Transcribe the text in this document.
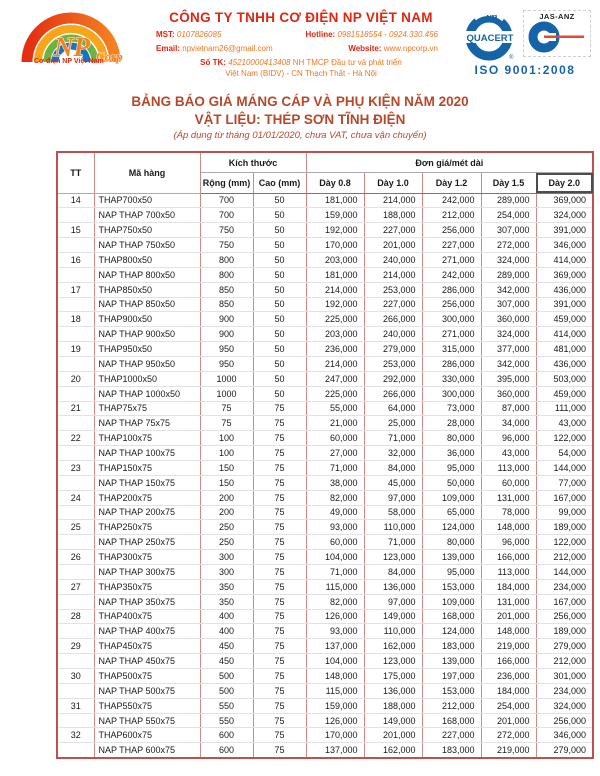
NP Corp
Cơ điện NP Việt Nam
CÔNG TY TNHH CƠ ĐIỆN NP VIỆT NAM
MST: 0107826085	Hotline: 0981518554 - 0924.330.456
Email: npvietnam26@gmail.com	Website: www.npcorp.vn
Số TK: 45210000413408 NH TMCP Đầu tư và phát triển
Việt Nam (BIDV) - CN Thạch Thất - Hà Nội
QUACERT
vn
®
JAS-ANZ
ISO 9001:2008
BẢNG BÁO GIÁ MÁNG CÁP VÀ PHỤ KIỆN NĂM 2020
VẬT LIỆU: THÉP SƠN TĨNH ĐIỆN
(Áp dụng từ tháng 01/01/2020, chưa VAT, chưa vận chuyển)
TT	Mã hàng	Kích thước		Đơn giá/mét dài				
		Rộng (mm)	Cao (mm)	Dày 0.8	Dày 1.0	Dày 1.2	Dày 1.5	Dày 2.0
14	THAP700x50	700	50	181,000	214,000	242,000	289,000	369,000
	NAP THAP 700x50	700	50	159,000	188,000	212,000	254,000	324,000
15	THAP750x50	750	50	192,000	227,000	256,000	307,000	391,000
	NAP THAP 750x50	750	50	170,000	201,000	227,000	272,000	346,000
16	THAP800x50	800	50	203,000	240,000	271,000	324,000	414,000
	NAP THAP 800x50	800	50	181,000	214,000	242,000	289,000	369,000
17	THAP850x50	850	50	214,000	253,000	286,000	342,000	436,000
	NAP THAP 850x50	850	50	192,000	227,000	256,000	307,000	391,000
18	THAP900x50	900	50	225,000	266,000	300,000	360,000	459,000
	NAP THAP 900x50	900	50	203,000	240,000	271,000	324,000	414,000
19	THAP950x50	950	50	236,000	279,000	315,000	377,000	481,000
	NAP THAP 950x50	950	50	214,000	253,000	286,000	342,000	436,000
20	THAP1000x50	1000	50	247,000	292,000	330,000	395,000	503,000
	NAP THAP 1000x50	1000	50	225,000	266,000	300,000	360,000	459,000
21	THAP75x75	75	75	55,000	64,000	73,000	87,000	111,000
	NAP THAP 75x75	75	75	21,000	25,000	28,000	34,000	43,000
22	THAP100x75	100	75	60,000	71,000	80,000	96,000	122,000
	NAP THAP 100x75	100	75	27,000	32,000	36,000	43,000	54,000
23	THAP150x75	150	75	71,000	84,000	95,000	113,000	144,000
	NAP THAP 150x75	150	75	38,000	45,000	50,000	60,000	77,000
24	THAP200x75	200	75	82,000	97,000	109,000	131,000	167,000
	NAP THAP 200x75	200	75	49,000	58,000	65,000	78,000	99,000
25	THAP250x75	250	75	93,000	110,000	124,000	148,000	189,000
	NAP THAP 250x75	250	75	60,000	71,000	80,000	96,000	122,000
26	THAP300x75	300	75	104,000	123,000	139,000	166,000	212,000
	NAP THAP 300x75	300	75	71,000	84,000	95,000	113,000	144,000
27	THAP350x75	350	75	115,000	136,000	153,000	184,000	234,000
	NAP THAP 350x75	350	75	82,000	97,000	109,000	131,000	167,000
28	THAP400x75	400	75	126,000	149,000	168,000	201,000	256,000
	NAP THAP 400x75	400	75	93,000	110,000	124,000	148,000	189,000
29	THAP450x75	450	75	137,000	162,000	183,000	219,000	279,000
	NAP THAP 450x75	450	75	104,000	123,000	139,000	166,000	212,000
30	THAP500x75	500	75	148,000	175,000	197,000	236,000	301,000
	NAP THAP 500x75	500	75	115,000	136,000	153,000	184,000	234,000
31	THAP550x75	550	75	159,000	188,000	212,000	254,000	324,000
	NAP THAP 550x75	550	75	126,000	149,000	168,000	201,000	256,000
32	THAP600x75	600	75	170,000	201,000	227,000	272,000	346,000
	NAP THAP 600x75	600	75	137,000	162,000	183,000	219,000	279,000
